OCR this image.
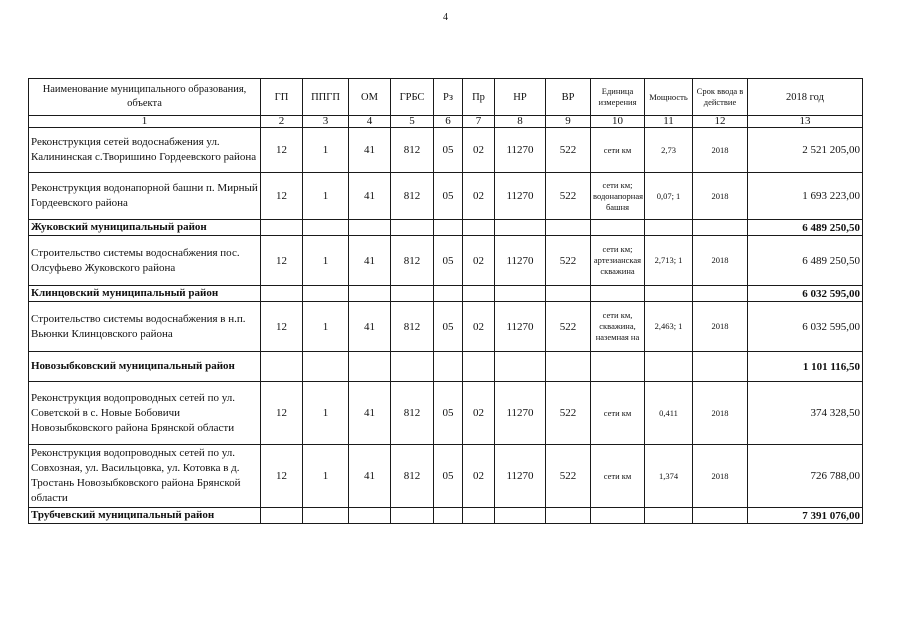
4
Наименование муниципального образования, объекта	ГП	ППГП	ОМ	ГРБС	Рз	Пр	НР	ВР	Единица измерения	Мощность	Срок ввода в действие	2018 год
1	2	3	4	5	6	7	8	9	10	11	12	13
Реконструкция сетей водоснабжения ул. Калининская с.Творишино Гордеевского района	12	1	41	812	05	02	11270	522	сети км	2,73	2018	2 521 205,00
Реконструкция водонапорной башни п. Мирный Гордеевского района	12	1	41	812	05	02	11270	522	сети км; водонапорная башня	0,07; 1	2018	1 693 223,00
Жуковский муниципальный район												6 489 250,50
Строительство системы водоснабжения пос. Олсуфьево Жуковского района	12	1	41	812	05	02	11270	522	сети км; артезианская скважина	2,713; 1	2018	6 489 250,50
Клинцовский муниципальный район												6 032 595,00
Строительство системы водоснабжения в н.п. Вьюнки Клинцовского района	12	1	41	812	05	02	11270	522	сети км, скважина, наземная на	2,463; 1	2018	6 032 595,00
Новозыбковский муниципальный район												1 101 116,50
Реконструкция водопроводных сетей по ул. Советской в с. Новые Бобовичи Новозыбковского района Брянской области	12	1	41	812	05	02	11270	522	сети км	0,411	2018	374 328,50
Реконструкция водопроводных сетей по ул. Совхозная, ул. Васильцовка, ул. Котовка в д. Тростань Новозыбковского района Брянской области	12	1	41	812	05	02	11270	522	сети км	1,374	2018	726 788,00
Трубчевский муниципальный район												7 391 076,00
